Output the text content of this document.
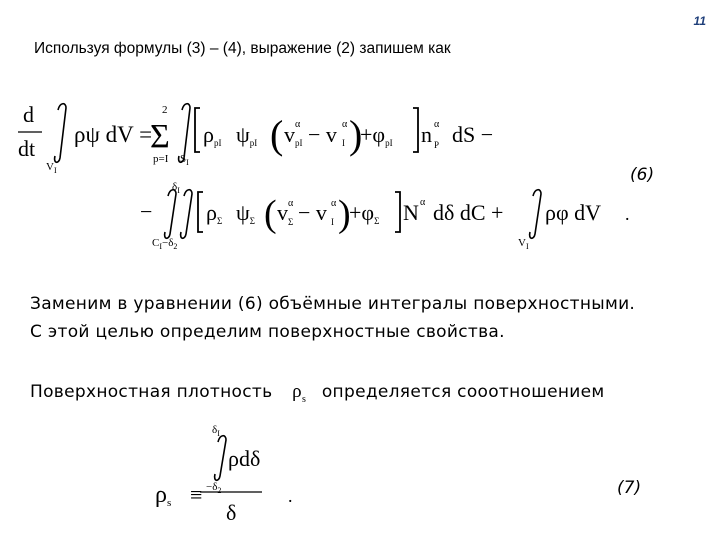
11
Используя формулы (3) – (4), выражение (2) запишем как
d
dt
$V_I$
ρψ dV =
2
Σ
p=I $S_I$
ρpI ψpI ( v α
pI − v α
I )
+φpI n α
P dS −
(6)
−
$\delta_I$
$C_I-\delta_2$
ρΣ ψΣ ( v α
Σ − v α
I )
+φΣ N α dδ dC +
$V_I$
ρφ dV .
Заменим в уравнении (6) объёмные интегралы поверхностными.
С этой целью определим поверхностные свойства.
Поверхностная плотность $\rho_s$ определяется сооотношением
ρs ≡
$\delta_I$
$-\delta_2$
ρdδ
δ
.	(7)
